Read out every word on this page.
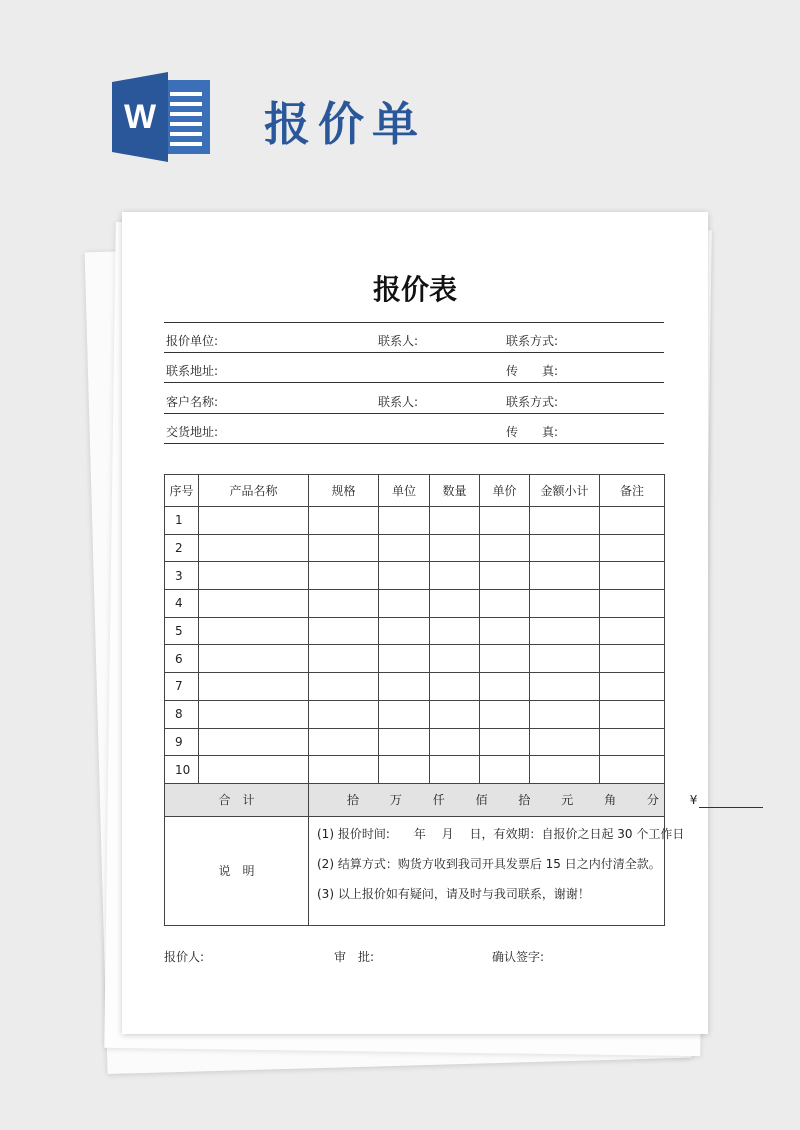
W 报价单
报价表
报价单位:	联系人:	联系方式:
联系地址:	传　　真:
客户名称:	联系人:	联系方式:
交货地址:	传　　真:
序号	产品名称	规格	单位	数量	单价	金额小计	备注
1							
2							
3							
4							
5							
6							
7							
8							
9							
10							
合　计		拾 万 仟 佰 拾 元 角 分 ¥					
说　明		(1) 报价时间:　　年　 月　 日，有效期：自报价之日起 30 个工作日
(2) 结算方式：购货方收到我司开具发票后 15 日之内付清全款。
(3) 以上报价如有疑问，请及时与我司联系，谢谢！					
报价人:	审　批:	确认签字:
